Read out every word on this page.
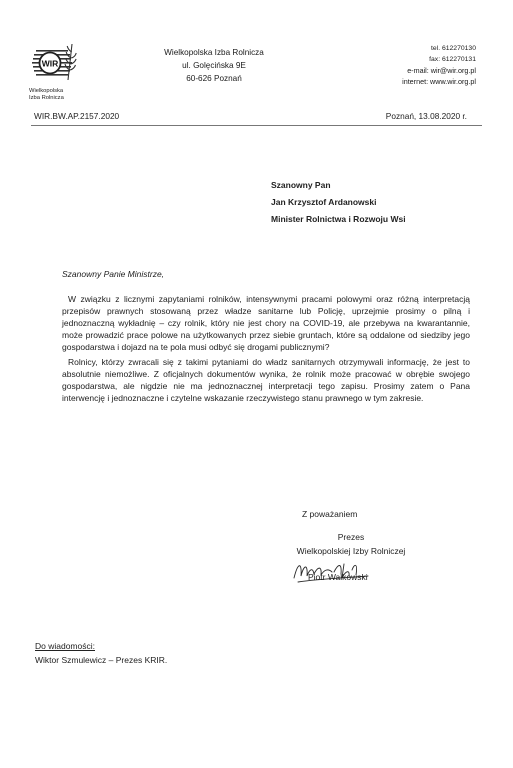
WIR
Wielkopolska
Izba Rolnicza
Wielkopolska Izba Rolnicza
ul. Golęcińska 9E
60-626 Poznań
tel. 612270130
fax: 612270131
e-mail: wir@wir.org.pl
internet: www.wir.org.pl
WIR.BW.AP.2157.2020	Poznań, 13.08.2020 r.
Szanowny Pan
Jan Krzysztof Ardanowski
Minister Rolnictwa i Rozwoju Wsi
Szanowny Panie Ministrze,
W związku z licznymi zapytaniami rolników, intensywnymi pracami polowymi oraz różną interpretacją przepisów prawnych stosowaną przez władze sanitarne lub Policję, uprzejmie prosimy o pilną i jednoznaczną wykładnię – czy rolnik, który nie jest chory na COVID-19, ale przebywa na kwarantannie, może prowadzić prace polowe na użytkowanych przez siebie gruntach, które są oddalone od siedziby jego gospodarstwa i dojazd na te pola musi odbyć się drogami publicznymi?
Rolnicy, którzy zwracali się z takimi pytaniami do władz sanitarnych otrzymywali informację, że jest to absolutnie niemożliwe. Z oficjalnych dokumentów wynika, że rolnik może pracować w obrębie swojego gospodarstwa, ale nigdzie nie ma jednoznacznej interpretacji tego zapisu. Prosimy zatem o Pana interwencję i jednoznaczne i czytelne wskazanie rzeczywistego stanu prawnego w tym zakresie.
Z poważaniem
Prezes
Wielkopolskiej Izby Rolniczej
Piotr Walkowski
Do wiadomości:
Wiktor Szmulewicz – Prezes KRIR.
